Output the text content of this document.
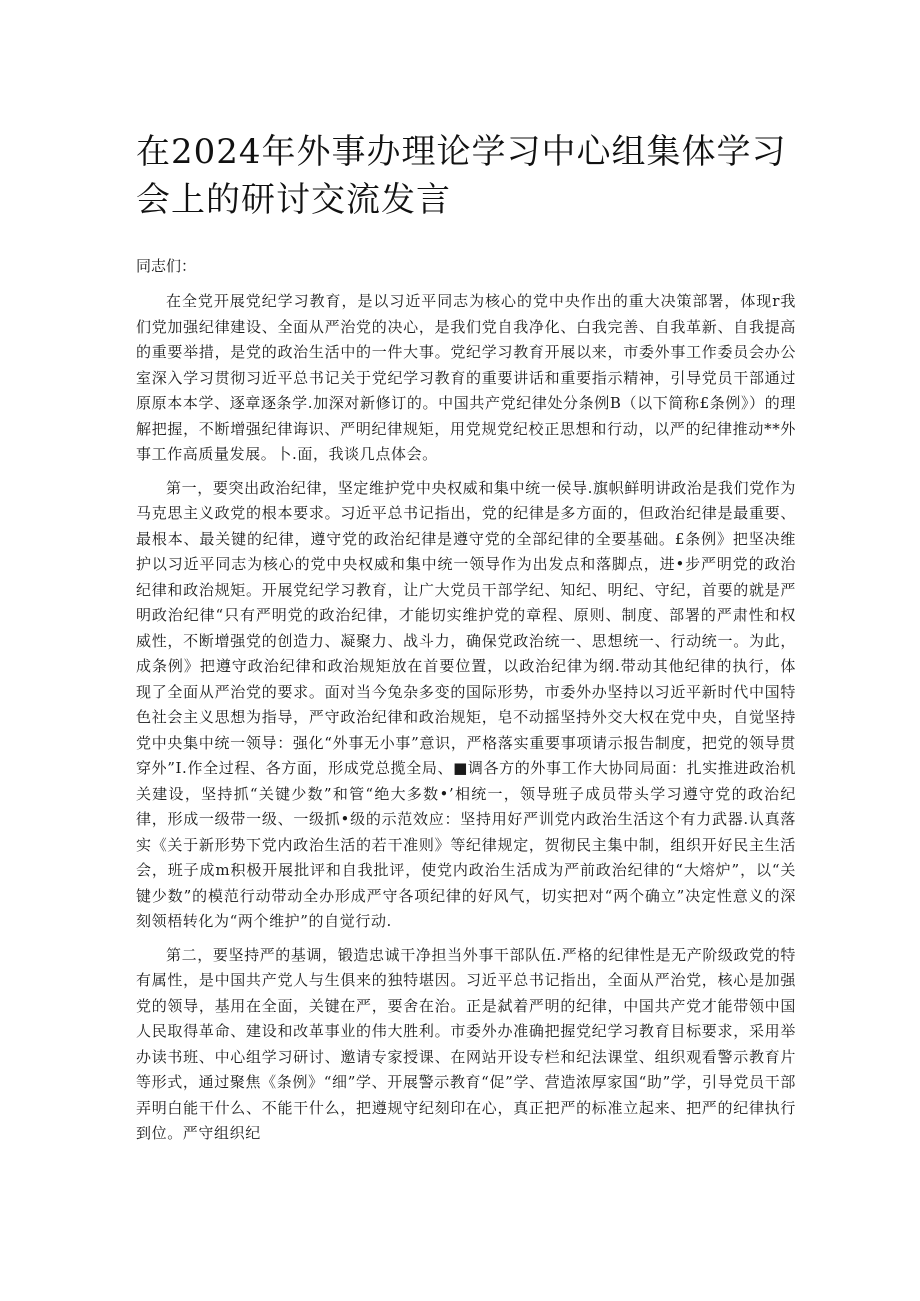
在2024年外事办理论学习中心组集体学习会上的研讨交流发言

同志们：

在全党开展党纪学习教育，是以习近平同志为核心的党中央作出的重大决策部署，体现r我们党加强纪律建设、全面从严治党的决心，是我们党自我净化、白我完善、自我革新、自我提高的重要举措，是党的政治生活中的一件大事。党纪学习教育开展以来，市委外事工作委员会办公室深入学习贯彻习近平总书记关于党纪学习教育的重要讲话和重要指示精神，引导党员干部通过原原本本学、逐章逐条学.加深对新修订的。中国共产党纪律处分条例B（以下简称£条例》）的理解把握，不断增强纪律诲识、严明纪律规矩，用党规党纪校正思想和行动，以严的纪律推动**外事工作高质量发展。卜.面，我谈几点体会。

第一，要突出政治纪律，坚定维护党中央权威和集中统一侯导.旗帜鲜明讲政治是我们党作为马克思主义政党的根本要求。习近平总书记指出，党的纪律是多方面的，但政治纪律是最重要、最根本、最关键的纪律，遵守党的政治纪律是遵守党的全部纪律的全要基础。£条例》把坚决维护以习近平同志为核心的党中央权威和集中统一领导作为出发点和落脚点，进•步严明党的政治纪律和政治规矩。开展党纪学习教育，让广大党员干部学纪、知纪、明纪、守纪，首要的就是严明政治纪律“只有严明党的政治纪律，才能切实维护党的章程、原则、制度、部署的严肃性和权威性，不断增强党的创造力、凝聚力、战斗力，确保党政治统一、思想统一、行动统一。为此，成条例》把遵守政治纪律和政治规矩放在首要位置，以政治纪律为纲.带动其他纪律的执行，体现了全面从严治党的要求。面对当今兔杂多变的国际形势，市委外办坚持以习近平新时代中国特色社会主义思想为指导，严守政治纪律和政治规矩，皂不动摇坚持外交大权在党中央，自觉坚持党中央集中统一领导：强化“外事无小事”意识，严格落实重要事项请示报告制度，把党的领导贯穿外”I.作全过程、各方面，形成党总揽全局、■调各方的外事工作大协同局面：扎实推进政治机关建设，坚持抓“关键少数”和管“绝大多数•’相统一，领导班子成员带头学习遵守党的政治纪律，形成一级带一级、一级抓•级的示范效应：坚持用好严训党内政治生活这个有力武器.认真落实《关于新形势下党内政治生活的若干准则》等纪律规定，贺彻民主集中制，组织开好民主生活会，班子成m积极开展批评和自我批评，使党内政治生活成为严前政治纪律的“大熔炉”，以“关键少数”的模范行动带动全办形成严守各项纪律的好风气，切实把对“两个确立”决定性意义的深刻领梧转化为“两个维护”的自觉行动.

第二，要坚持严的基调，锻造忠诚干净担当外事干部队伍.严格的纪律性是无产阶级政党的特有属性，是中国共产党人与生俱来的独特堪因。习近平总书记指出，全面从严治党，核心是加强党的领导，基用在全面，关键在严，要舍在治。正是弑着严明的纪律，中国共产党才能带领中国人民取得革命、建设和改革事业的伟大胜利。市委外办准确把握党纪学习教育目标要求，采用举办读书班、中心组学习研讨、邀请专家授课、在网站开设专栏和纪法课堂、组织观看警示教育片等形式，通过聚焦《条例》“细”学、开展警示教育“促”学、营造浓厚家国“助”学，引导党员干部弄明白能干什么、不能干什么，把遵规守纪刻印在心，真正把严的标准立起来、把严的纪律执行到位。严守组织纪
